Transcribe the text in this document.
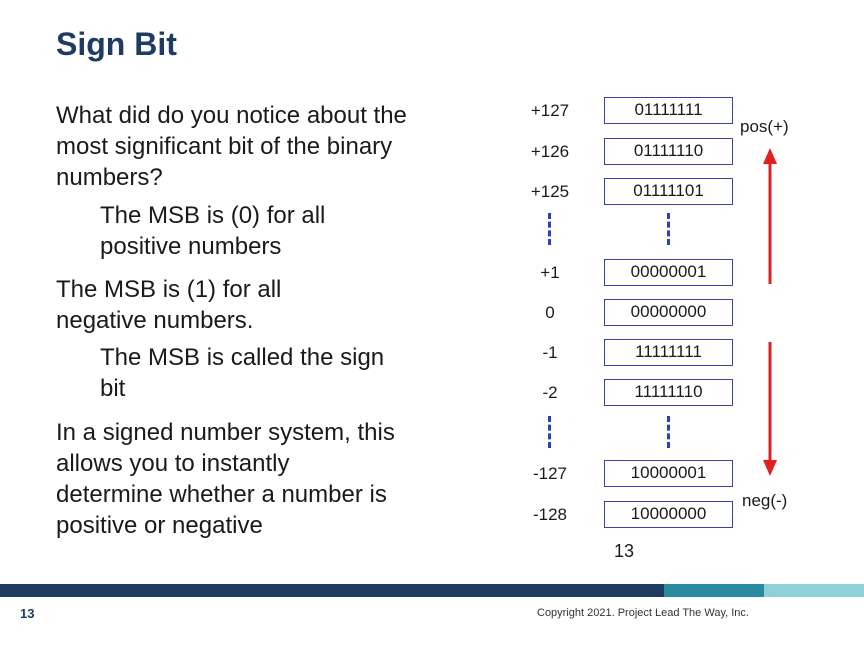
Sign Bit

What did do you notice about the most significant bit of the binary numbers?

The MSB is (0) for all positive numbers

The MSB is (1) for all negative numbers.

The MSB is called the sign bit

In a signed number system, this allows you to instantly determine whether a number is positive or negative

+127
+126
+125
+1
0
-1
-2
-127
-128
01111111
01111110
01111101
00000001
00000000
11111111
11111110
10000001
10000000
pos(+)
neg(-)
13
13	Copyright 2021. Project Lead The Way, Inc.
